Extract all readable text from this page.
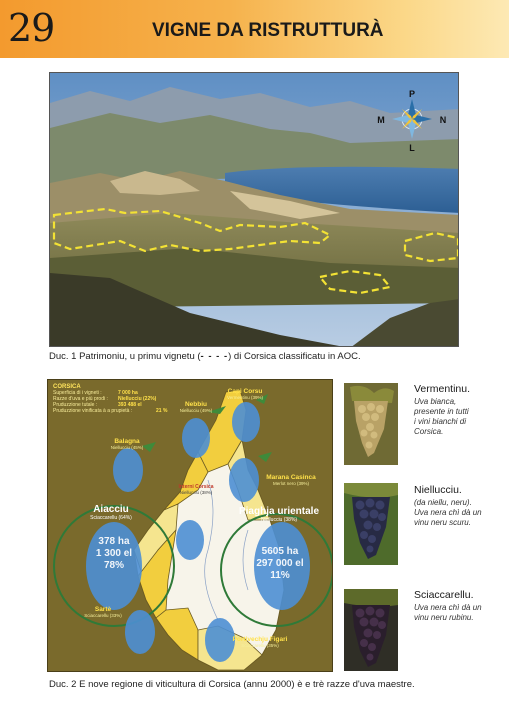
29	VIGNE DA RISTRUTTURÀ
P
N
L
M
Duc. 1 Patrimoniu, u primu vignetu (- - - -) di Corsica classificatu in AOC.
CORSICA
Superficia di i vigneti :	7 000 ha
Razze d'uva e più prodi :	Niellucciu (22%)
Pruduzzione tutale :	393 488 el
Pruduzzione vinificata à a prupietà :	21 %
Nebbiu
Niellucciu (49%)
Capi Corsu
Vermentinu (39%)
Balagna
Niellucciu (45%)
Marana Casinca
Merlot nero (39%)
Aiacciu
Sciaccarellu (64%)
Piaghja urientale
Niellucciu (38%)
Sartè
Sciaccarellu (33%)
Portivechju Figari
Sciaccarellu (35%)
Interni Corsica
Niellucciu (38%)
378 ha
1 300 el
78%
5605 ha
297 000 el
11%
Vermentinu.
Uva bianca,
presente in tutti
i vini bianchi di
Corsica.
Niellucciu.
(da niellu, neru).
Uva nera chì dà un
vinu neru scuru.
Sciaccarellu.
Uva nera chì dà un
vinu neru rubinu.
Duc. 2 E nove regione di viticultura di Corsica (annu 2000) è e trè razze d'uva maestre.
